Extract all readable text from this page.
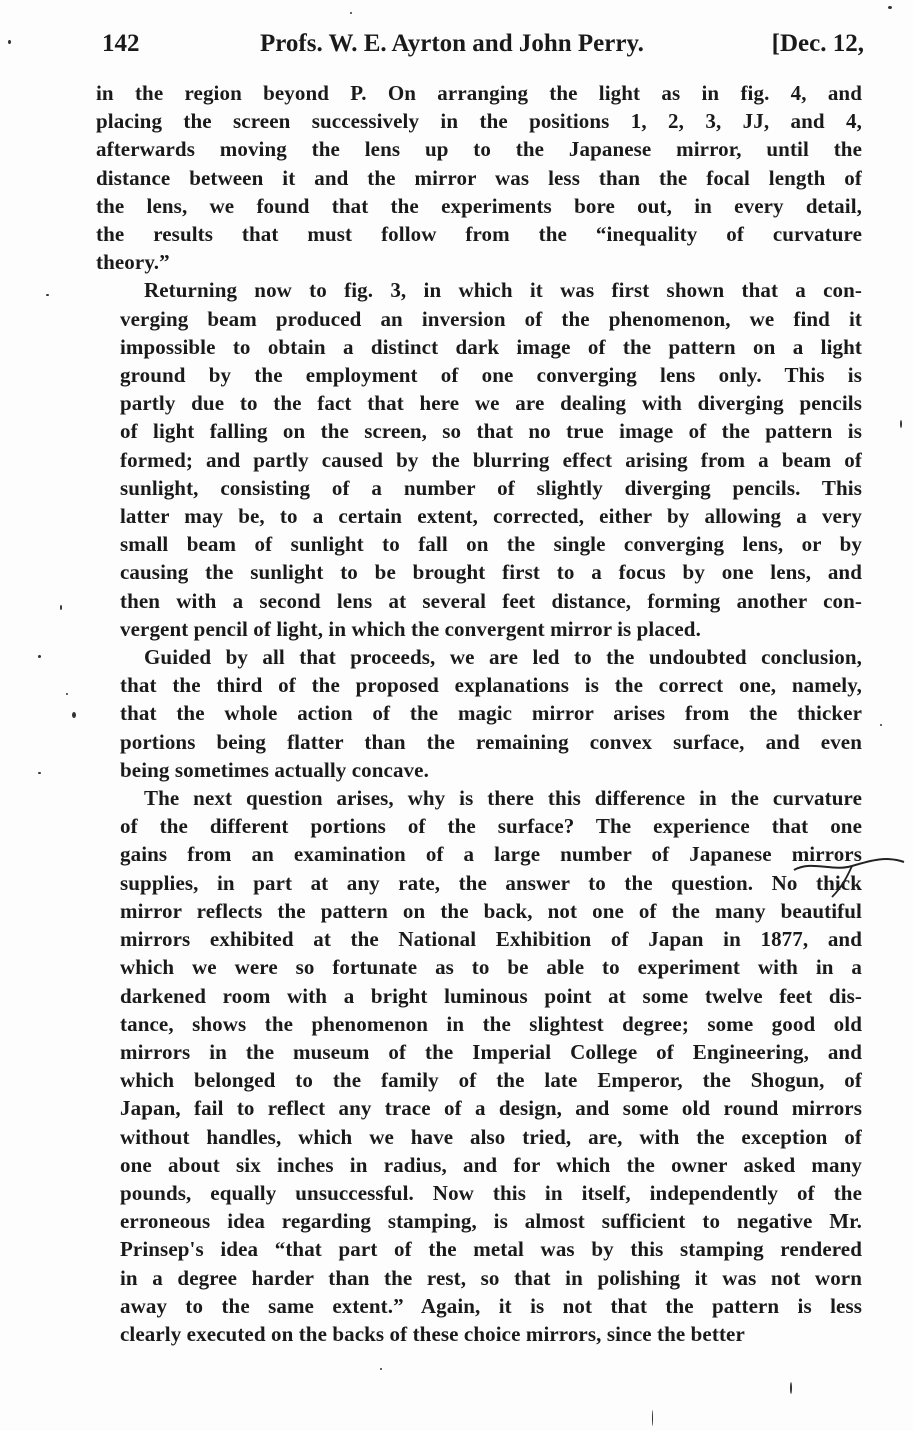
142	Profs. W. E. Ayrton and John Perry.	[Dec. 12,
in the region beyond P. On arranging the light as in fig. 4, and
placing the screen successively in the positions 1, 2, 3, JJ, and 4,
afterwards moving the lens up to the Japanese mirror, until the
distance between it and the mirror was less than the focal length of
the lens, we found that the experiments bore out, in every detail,
the results that must follow from the “inequality of curvature
theory.”
Returning now to fig. 3, in which it was first shown that a con-
verging beam produced an inversion of the phenomenon, we find it
impossible to obtain a distinct dark image of the pattern on a light
ground by the employment of one converging lens only. This is
partly due to the fact that here we are dealing with diverging pencils
of light falling on the screen, so that no true image of the pattern is
formed; and partly caused by the blurring effect arising from a beam of
sunlight, consisting of a number of slightly diverging pencils. This
latter may be, to a certain extent, corrected, either by allowing a very
small beam of sunlight to fall on the single converging lens, or by
causing the sunlight to be brought first to a focus by one lens, and
then with a second lens at several feet distance, forming another con-
vergent pencil of light, in which the convergent mirror is placed.
Guided by all that proceeds, we are led to the undoubted conclusion,
that the third of the proposed explanations is the correct one, namely,
that the whole action of the magic mirror arises from the thicker
portions being flatter than the remaining convex surface, and even
being sometimes actually concave.
The next question arises, why is there this difference in the curvature
of the different portions of the surface? The experience that one
gains from an examination of a large number of Japanese mirrors
supplies, in part at any rate, the answer to the question. No thick
mirror reflects the pattern on the back, not one of the many beautiful
mirrors exhibited at the National Exhibition of Japan in 1877, and
which we were so fortunate as to be able to experiment with in a
darkened room with a bright luminous point at some twelve feet dis-
tance, shows the phenomenon in the slightest degree; some good old
mirrors in the museum of the Imperial College of Engineering, and
which belonged to the family of the late Emperor, the Shogun, of
Japan, fail to reflect any trace of a design, and some old round mirrors
without handles, which we have also tried, are, with the exception of
one about six inches in radius, and for which the owner asked many
pounds, equally unsuccessful. Now this in itself, independently of the
erroneous idea regarding stamping, is almost sufficient to negative Mr.
Prinsep's idea “that part of the metal was by this stamping rendered
in a degree harder than the rest, so that in polishing it was not worn
away to the same extent.” Again, it is not that the pattern is less
clearly executed on the backs of these choice mirrors, since the better
